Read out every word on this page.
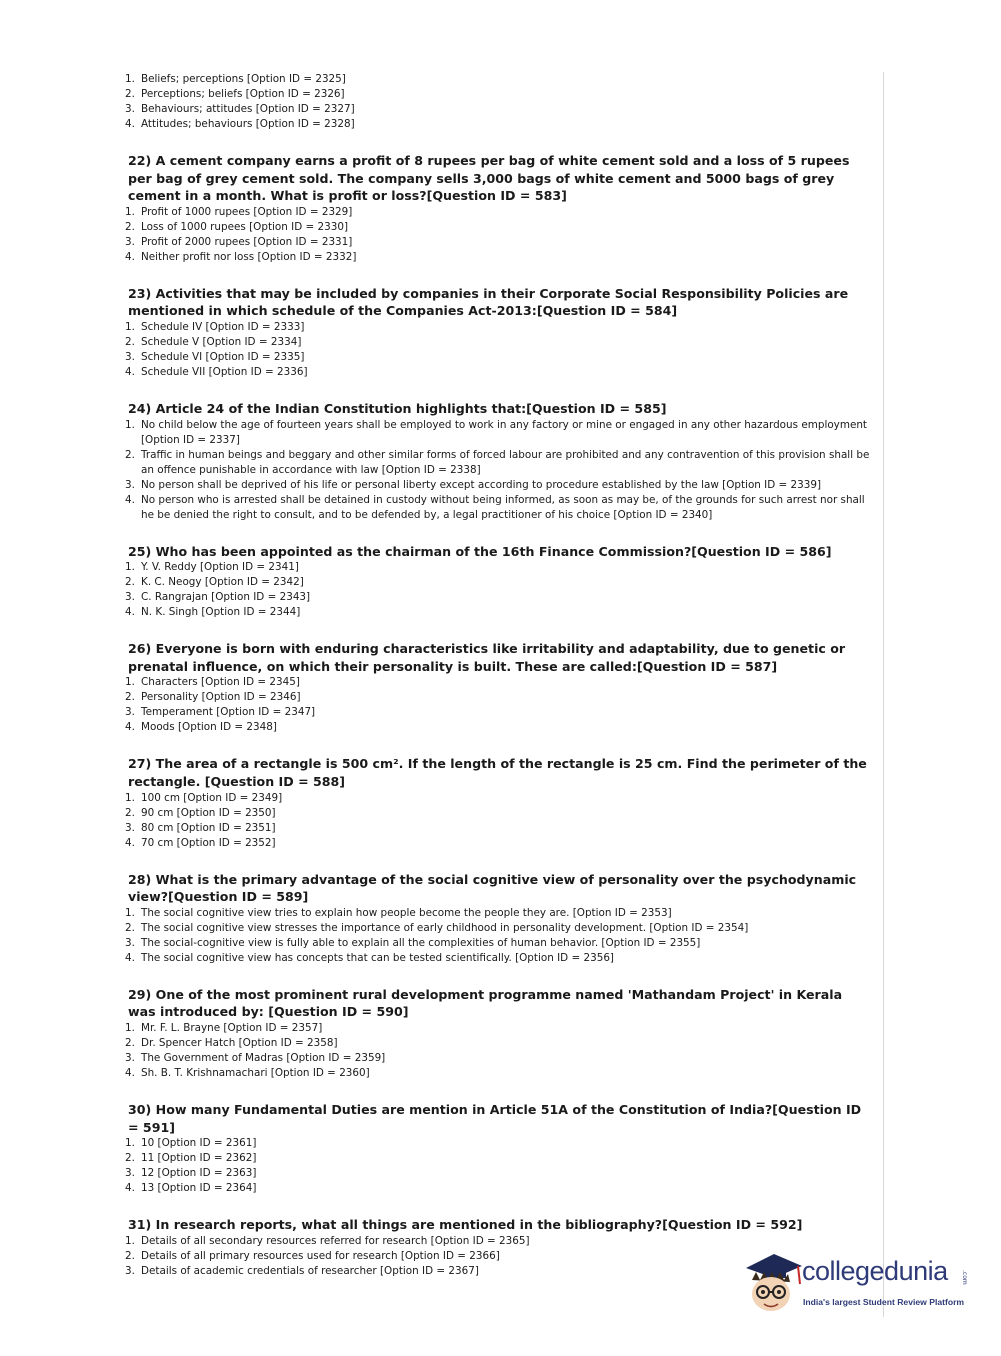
1. Beliefs; perceptions [Option ID = 2325]
2. Perceptions; beliefs [Option ID = 2326]
3. Behaviours; attitudes [Option ID = 2327]
4. Attitudes; behaviours [Option ID = 2328]

22) A cement company earns a profit of 8 rupees per bag of white cement sold and a loss of 5 rupees per bag of grey cement sold. The company sells 3,000 bags of white cement and 5000 bags of grey cement in a month. What is profit or loss?[Question ID = 583]

1. Profit of 1000 rupees [Option ID = 2329]
2. Loss of 1000 rupees [Option ID = 2330]
3. Profit of 2000 rupees [Option ID = 2331]
4. Neither profit nor loss [Option ID = 2332]

23) Activities that may be included by companies in their Corporate Social Responsibility Policies are mentioned in which schedule of the Companies Act-2013:[Question ID = 584]

1. Schedule IV [Option ID = 2333]
2. Schedule V [Option ID = 2334]
3. Schedule VI [Option ID = 2335]
4. Schedule VII [Option ID = 2336]

24) Article 24 of the Indian Constitution highlights that:[Question ID = 585]

1. No child below the age of fourteen years shall be employed to work in any factory or mine or engaged in any other hazardous employment [Option ID = 2337]
2. Traffic in human beings and beggary and other similar forms of forced labour are prohibited and any contravention of this provision shall be an offence punishable in accordance with law [Option ID = 2338]
3. No person shall be deprived of his life or personal liberty except according to procedure established by the law [Option ID = 2339]
4. No person who is arrested shall be detained in custody without being informed, as soon as may be, of the grounds for such arrest nor shall he be denied the right to consult, and to be defended by, a legal practitioner of his choice [Option ID = 2340]

25) Who has been appointed as the chairman of the 16th Finance Commission?[Question ID = 586]

1. Y. V. Reddy [Option ID = 2341]
2. K. C. Neogy [Option ID = 2342]
3. C. Rangrajan [Option ID = 2343]
4. N. K. Singh [Option ID = 2344]

26) Everyone is born with enduring characteristics like irritability and adaptability, due to genetic or prenatal influence, on which their personality is built. These are called:[Question ID = 587]

1. Characters [Option ID = 2345]
2. Personality [Option ID = 2346]
3. Temperament [Option ID = 2347]
4. Moods [Option ID = 2348]

27) The area of a rectangle is 500 cm². If the length of the rectangle is 25 cm. Find the perimeter of the rectangle. [Question ID = 588]

1. 100 cm [Option ID = 2349]
2. 90 cm [Option ID = 2350]
3. 80 cm [Option ID = 2351]
4. 70 cm [Option ID = 2352]

28) What is the primary advantage of the social cognitive view of personality over the psychodynamic view?[Question ID = 589]

1. The social cognitive view tries to explain how people become the people they are. [Option ID = 2353]
2. The social cognitive view stresses the importance of early childhood in personality development. [Option ID = 2354]
3. The social-cognitive view is fully able to explain all the complexities of human behavior. [Option ID = 2355]
4. The social cognitive view has concepts that can be tested scientifically. [Option ID = 2356]

29) One of the most prominent rural development programme named 'Mathandam Project' in Kerala was introduced by: [Question ID = 590]

1. Mr. F. L. Brayne [Option ID = 2357]
2. Dr. Spencer Hatch [Option ID = 2358]
3. The Government of Madras [Option ID = 2359]
4. Sh. B. T. Krishnamachari [Option ID = 2360]

30) How many Fundamental Duties are mention in Article 51A of the Constitution of India?[Question ID = 591]

1. 10 [Option ID = 2361]
2. 11 [Option ID = 2362]
3. 12 [Option ID = 2363]
4. 13 [Option ID = 2364]

31) In research reports, what all things are mentioned in the bibliography?[Question ID = 592]

1. Details of all secondary resources referred for research [Option ID = 2365]
2. Details of all primary resources used for research [Option ID = 2366]
3. Details of academic credentials of researcher [Option ID = 2367]	collegedunia .com
India's largest Student Review Platform
